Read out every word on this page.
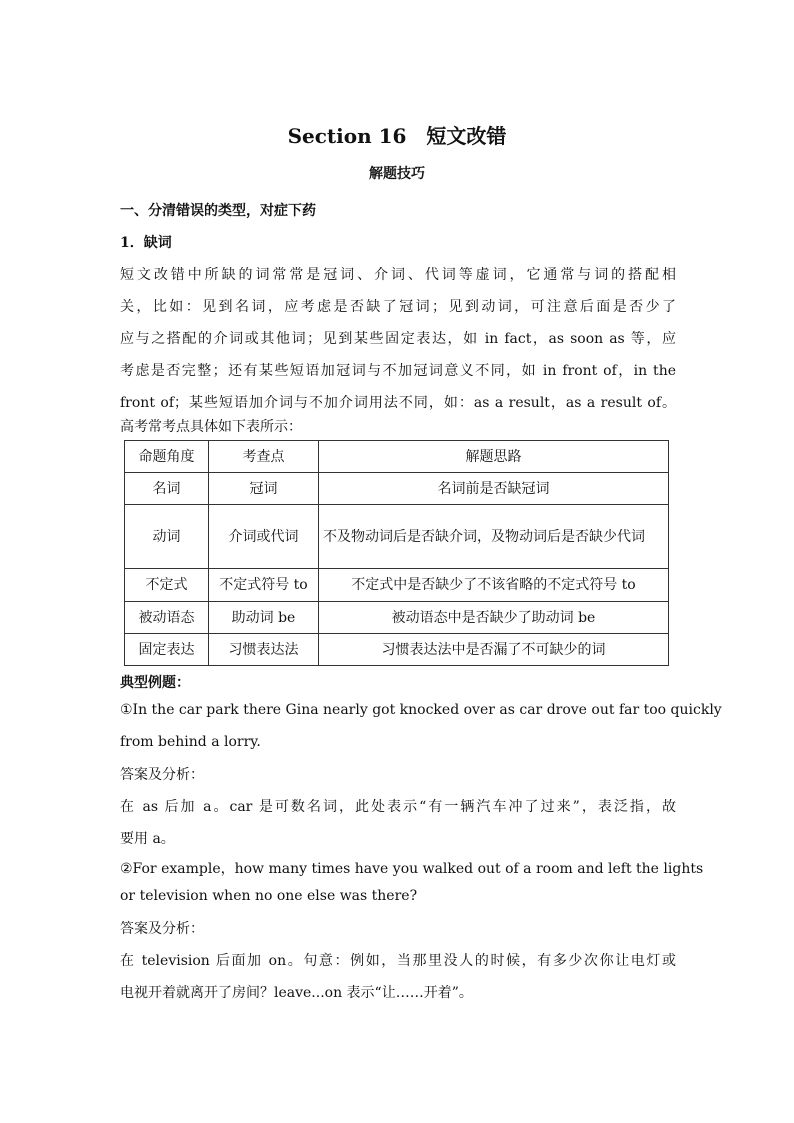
Section 16　短文改错
解题技巧
一、分清错误的类型，对症下药
1．缺词
短文改错中所缺的词常常是冠词、介词、代词等虚词，它通常与词的搭配相
关，比如：见到名词，应考虑是否缺了冠词；见到动词，可注意后面是否少了
应与之搭配的介词或其他词；见到某些固定表达，如 in fact，as soon as 等，应
考虑是否完整；还有某些短语加冠词与不加冠词意义不同，如 in front of，in the
front of；某些短语加介词与不加介词用法不同，如：as a result，as a result of。
高考常考点具体如下表所示：
命题角度	考查点	解题思路
名词	冠词	名词前是否缺冠词
动词	介词或代词	不及物动词后是否缺介词，及物动词后是否缺少代词
不定式	不定式符号 to	不定式中是否缺少了不该省略的不定式符号 to
被动语态	助动词 be	被动语态中是否缺少了助动词 be
固定表达	习惯表达法	习惯表达法中是否漏了不可缺少的词
典型例题：
①In the car park there Gina nearly got knocked over as car drove out far too quickly
from behind a lorry.
答案及分析：
在 as 后加 a。car 是可数名词，此处表示“有一辆汽车冲了过来”，表泛指，故
要用 a。
②For example，how many times have you walked out of a room and left the lights
or television when no one else was there?
答案及分析：
在 television 后面加 on。句意：例如，当那里没人的时候，有多少次你让电灯或
电视开着就离开了房间？leave...on 表示“让……开着”。
